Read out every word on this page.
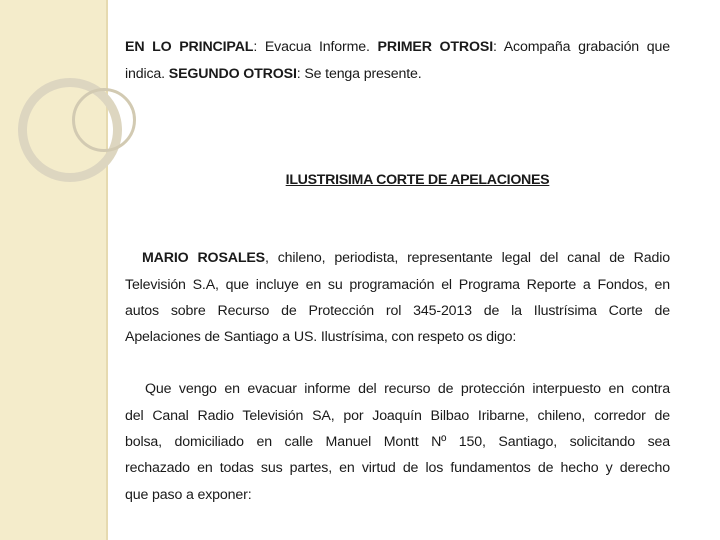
EN LO PRINCIPAL: Evacua Informe. PRIMER OTROSI: Acompaña grabación que
indica. SEGUNDO OTROSI: Se tenga presente.
ILUSTRISIMA CORTE DE APELACIONES
MARIO ROSALES, chileno, periodista, representante legal del canal de Radio
Televisión S.A, que incluye en su programación el Programa Reporte a Fondos, en
autos sobre Recurso de Protección rol 345-2013 de la Ilustrísima Corte de
Apelaciones de Santiago a US. Ilustrísima, con respeto os digo:
Que vengo en evacuar informe del recurso de protección interpuesto en contra
del Canal Radio Televisión SA, por Joaquín Bilbao Iribarne, chileno, corredor de
bolsa, domiciliado en calle Manuel Montt Nº 150, Santiago, solicitando sea
rechazado en todas sus partes, en virtud de los fundamentos de hecho y derecho
que paso a exponer:
